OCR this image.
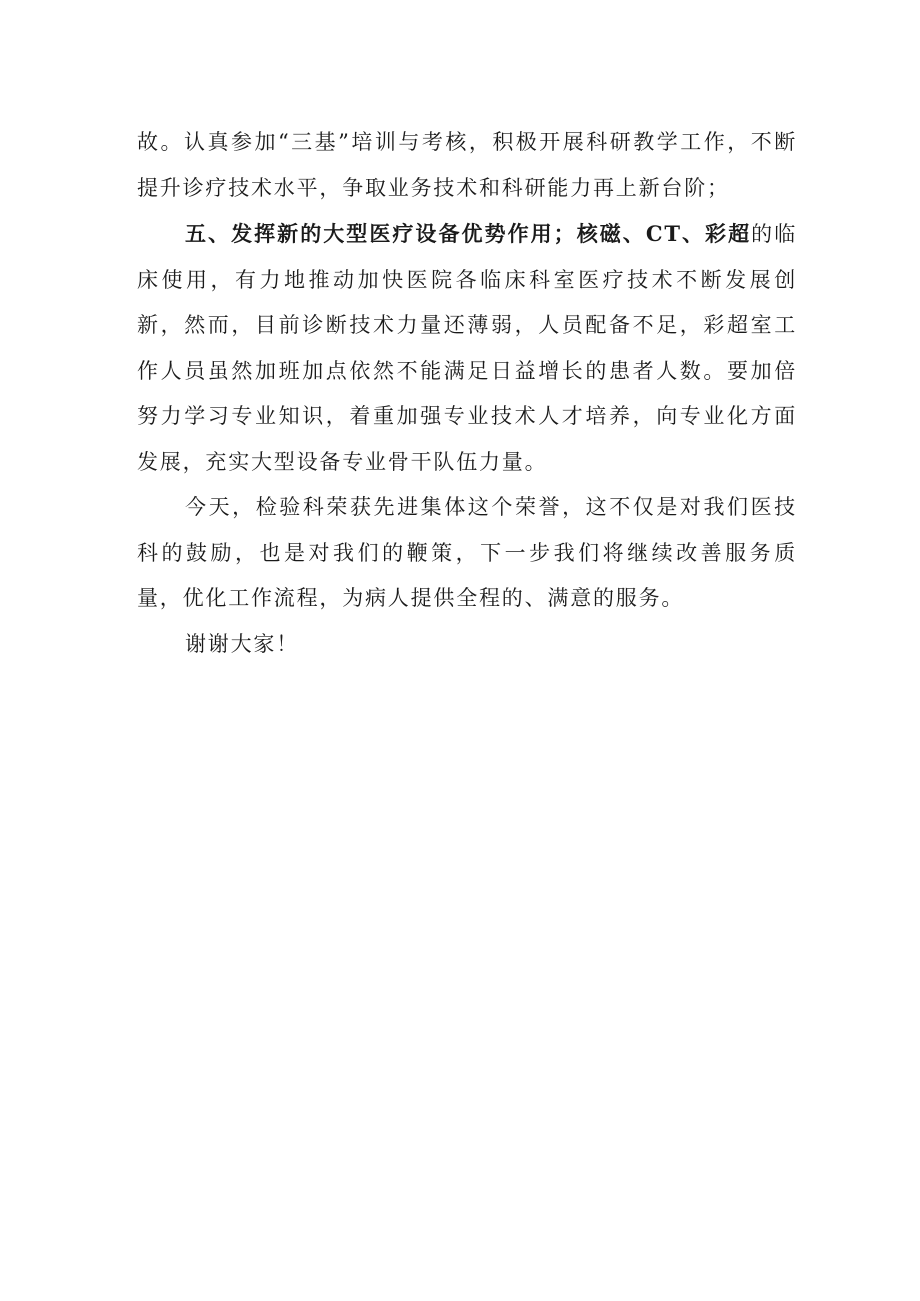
故。认真参加“三基”培训与考核，积极开展科研教学工作，不断提升诊疗技术水平，争取业务技术和科研能力再上新台阶；

五、发挥新的大型医疗设备优势作用；核磁、CT、彩超的临床使用，有力地推动加快医院各临床科室医疗技术不断发展创新，然而，目前诊断技术力量还薄弱，人员配备不足，彩超室工作人员虽然加班加点依然不能满足日益增长的患者人数。要加倍努力学习专业知识，着重加强专业技术人才培养，向专业化方面发展，充实大型设备专业骨干队伍力量。

今天，检验科荣获先进集体这个荣誉，这不仅是对我们医技科的鼓励，也是对我们的鞭策，下一步我们将继续改善服务质量，优化工作流程，为病人提供全程的、满意的服务。

谢谢大家！
